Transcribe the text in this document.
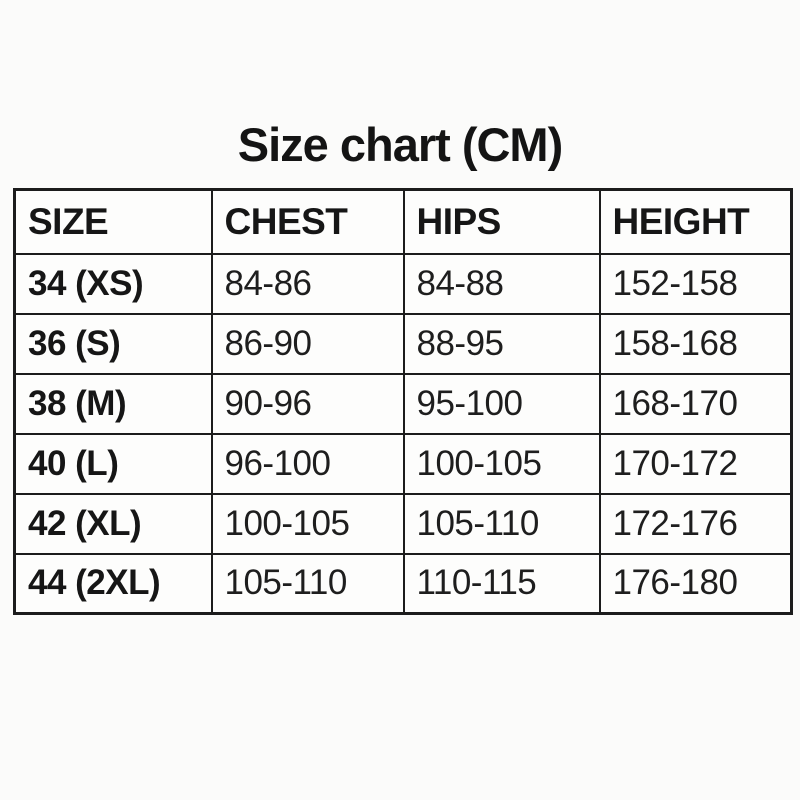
Size chart (CM)
SIZE	CHEST	HIPS	HEIGHT
34 (XS)	84-86	84-88	152-158
36 (S)	86-90	88-95	158-168
38 (M)	90-96	95-100	168-170
40 (L)	96-100	100-105	170-172
42 (XL)	100-105	105-110	172-176
44 (2XL)	105-110	110-115	176-180
